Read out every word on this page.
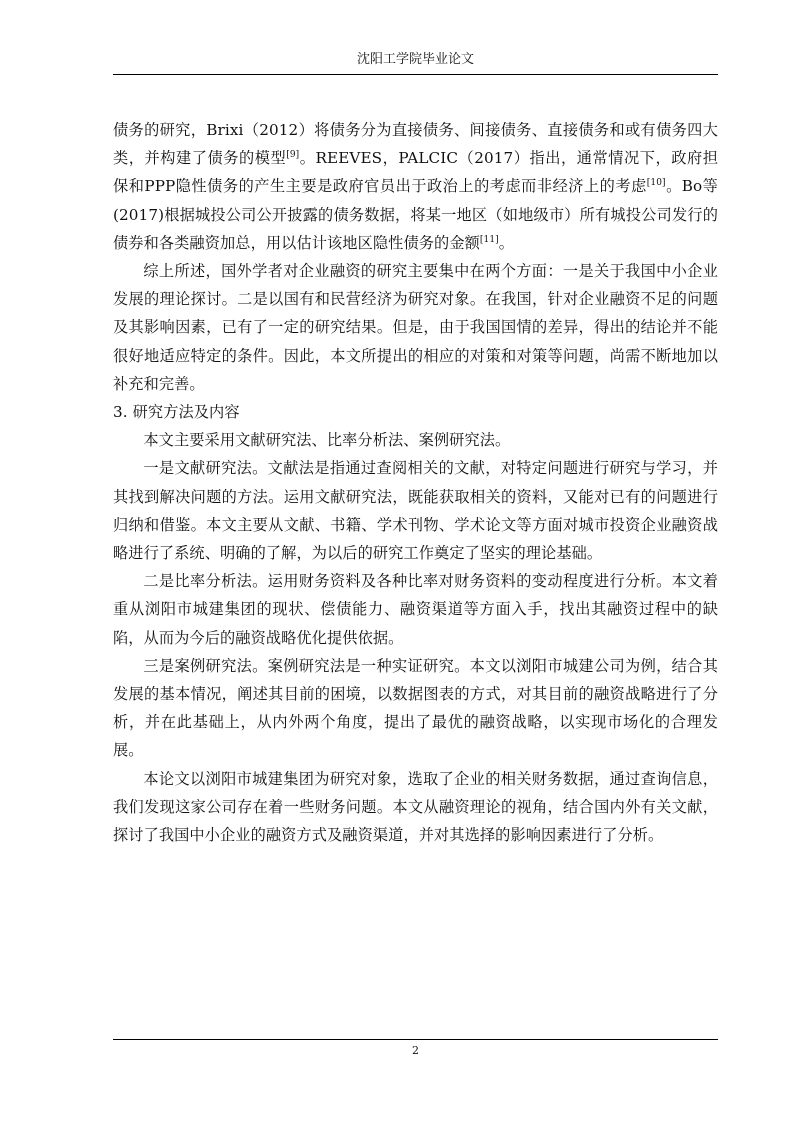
沈阳工学院毕业论文

债务的研究，Brixi（2012）将债务分为直接债务、间接债务、直接债务和或有债务四大类，并构建了债务的模型[9]。REEVES，PALCIC（2017）指出，通常情况下，政府担保和PPP隐性债务的产生主要是政府官员出于政治上的考虑而非经济上的考虑[10]。Bo等(2017)根据城投公司公开披露的债务数据，将某一地区（如地级市）所有城投公司发行的债券和各类融资加总，用以估计该地区隐性债务的金额[11]。

综上所述，国外学者对企业融资的研究主要集中在两个方面：一是关于我国中小企业发展的理论探讨。二是以国有和民营经济为研究对象。在我国，针对企业融资不足的问题及其影响因素，已有了一定的研究结果。但是，由于我国国情的差异，得出的结论并不能很好地适应特定的条件。因此，本文所提出的相应的对策和对策等问题，尚需不断地加以补充和完善。

3. 研究方法及内容

本文主要采用文献研究法、比率分析法、案例研究法。

一是文献研究法。文献法是指通过查阅相关的文献，对特定问题进行研究与学习，并其找到解决问题的方法。运用文献研究法，既能获取相关的资料，又能对已有的问题进行归纳和借鉴。本文主要从文献、书籍、学术刊物、学术论文等方面对城市投资企业融资战略进行了系统、明确的了解，为以后的研究工作奠定了坚实的理论基础。

二是比率分析法。运用财务资料及各种比率对财务资料的变动程度进行分析。本文着重从浏阳市城建集团的现状、偿债能力、融资渠道等方面入手，找出其融资过程中的缺陷，从而为今后的融资战略优化提供依据。

三是案例研究法。案例研究法是一种实证研究。本文以浏阳市城建公司为例，结合其发展的基本情况，阐述其目前的困境，以数据图表的方式，对其目前的融资战略进行了分析，并在此基础上，从内外两个角度，提出了最优的融资战略，以实现市场化的合理发展。

本论文以浏阳市城建集团为研究对象，选取了企业的相关财务数据，通过查询信息，我们发现这家公司存在着一些财务问题。本文从融资理论的视角，结合国内外有关文献，探讨了我国中小企业的融资方式及融资渠道，并对其选择的影响因素进行了分析。

2
